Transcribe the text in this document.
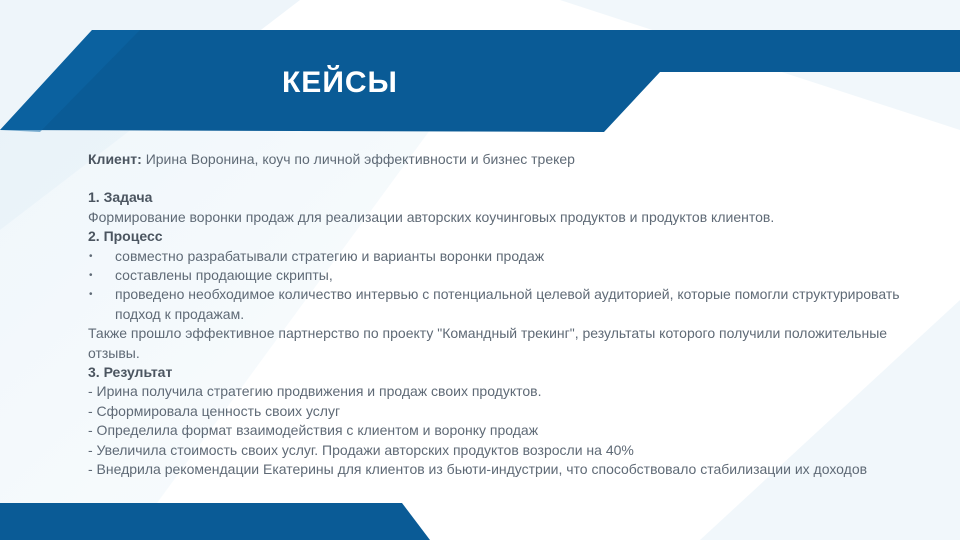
КЕЙСЫ
Клиент: Ирина Воронина, коуч по личной эффективности и бизнес трекер
1. Задача
Формирование воронки продаж для реализации авторских коучинговых продуктов и продуктов клиентов.
2. Процесс
•	совместно разрабатывали стратегию и варианты воронки продаж
•	составлены продающие скрипты,
•	проведено необходимое количество интервью с потенциальной целевой аудиторией, которые помогли структурировать подход к продажам.
Также прошло эффективное партнерство по проекту "Командный трекинг", результаты которого получили положительные отзывы.
3. Результат
- Ирина получила стратегию продвижения и продаж своих продуктов.
- Сформировала ценность своих услуг
- Определила формат взаимодействия с клиентом и воронку продаж
- Увеличила стоимость своих услуг. Продажи авторских продуктов возросли на 40%
- Внедрила рекомендации Екатерины для клиентов из бьюти-индустрии, что способствовало стабилизации их доходов
